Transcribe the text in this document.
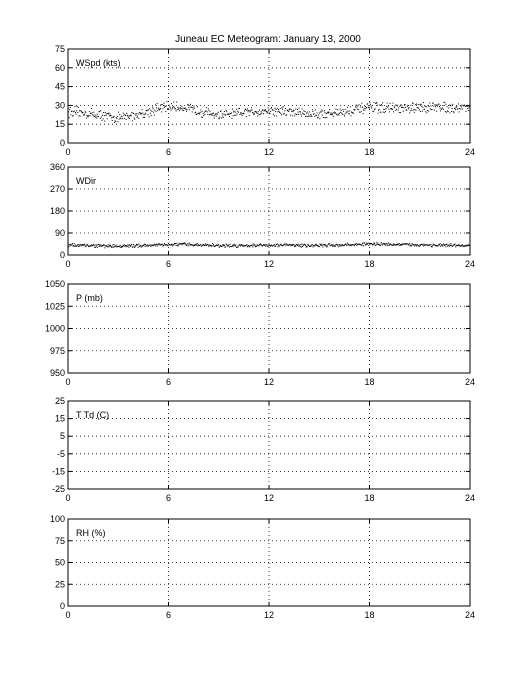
Juneau EC Meteogram: January 13, 2000
0	6	12	18	24
0
15
30
45
60
75
WSpd (kts)
0	6	12	18	24
0
90
180
270
360
WDir
0	6	12	18	24
950
975
1000
1025
1050
P (mb)
0	6	12	18	24
-25
-15
-5
5
15
25
T Td (C)
0	6	12	18	24
0
25
50
75
100
RH (%)
